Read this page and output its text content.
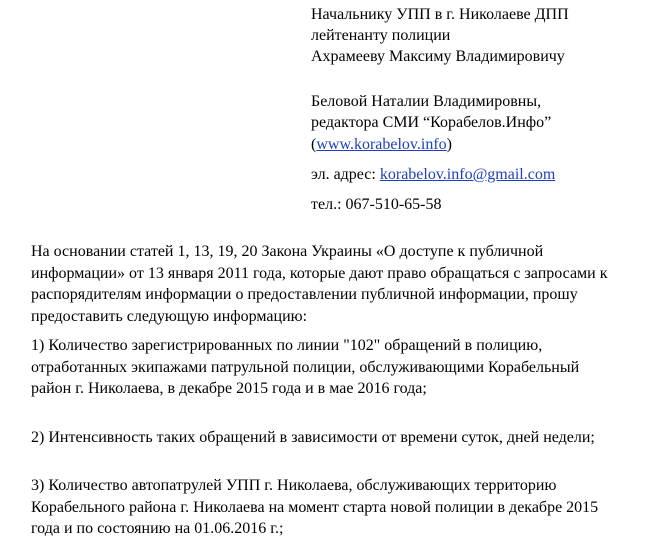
Начальнику УПП в г. Николаеве ДПП
лейтенанту полиции
Ахрамееву Максиму Владимировичу
Беловой Наталии Владимировны,
редактора СМИ “Корабелов.Инфо”
(www.korabelov.info)
эл. адрес: korabelov.info@gmail.com
тел.: 067-510-65-58

На основании статей 1, 13, 19, 20 Закона Украины «О доступе к публичной

информации» от 13 января 2011 года, которые дают право обращаться с запросами к

распорядителям информации о предоставлении публичной информации, прошу

предоставить следующую информацию:

1) Количество зарегистрированных по линии "102" обращений в полицию,

отработанных экипажами патрульной полиции, обслуживающими Корабельный

район г. Николаева, в декабре 2015 года и в мае 2016 года;

2) Интенсивность таких обращений в зависимости от времени суток, дней недели;

3) Количество автопатрулей УПП г. Николаева, обслуживающих территорию

Корабельного района г. Николаева на момент старта новой полиции в декабре 2015

года и по состоянию на 01.06.2016 г.;
